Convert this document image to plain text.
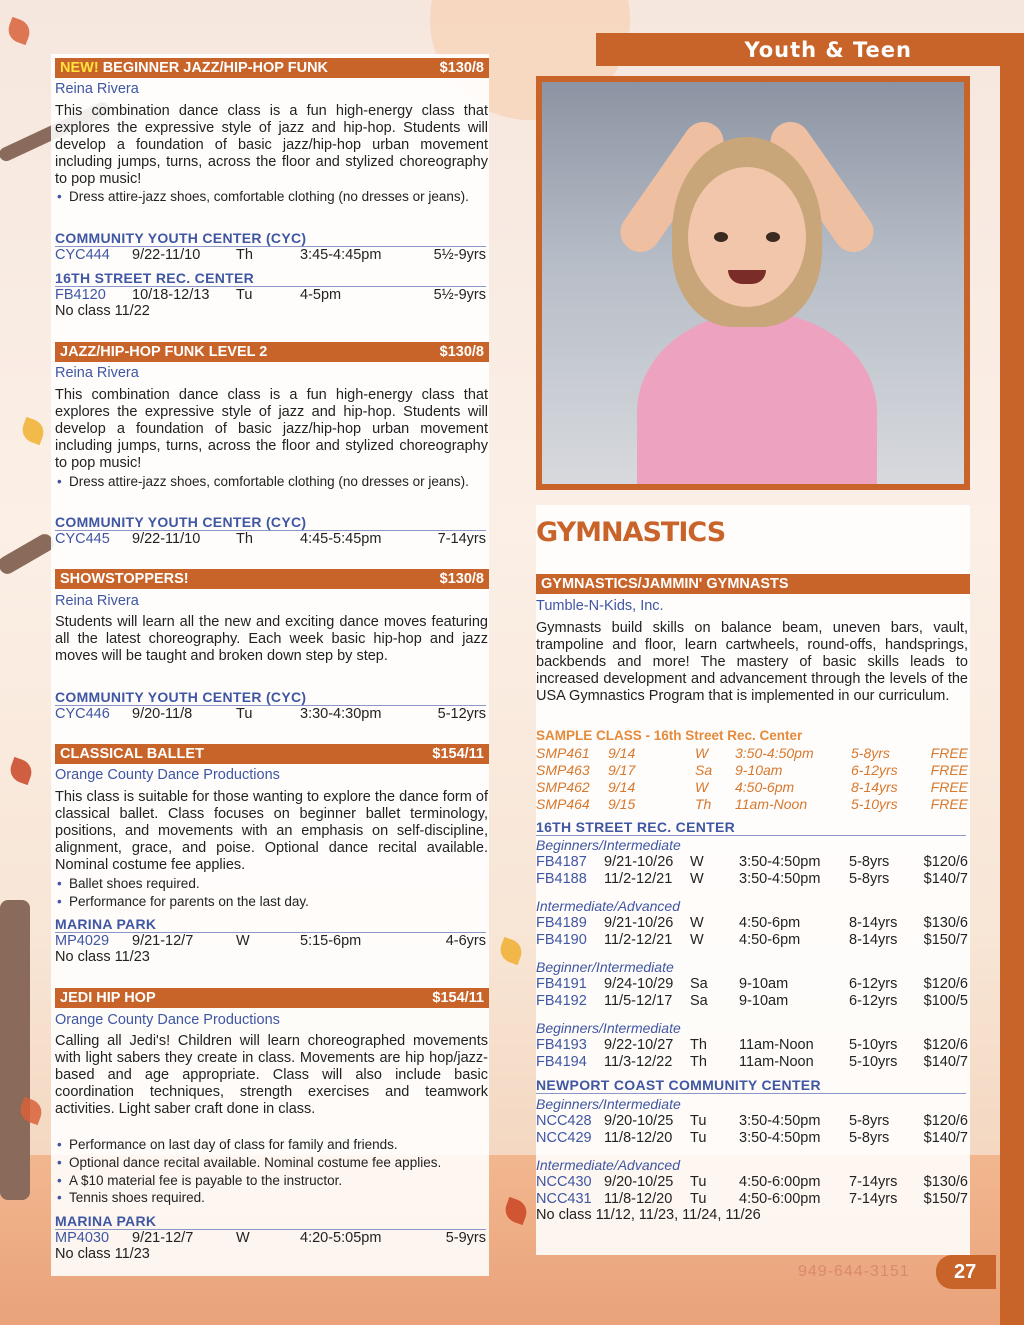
Youth & Teen
NEW! BEGINNER JAZZ/HIP-HOP FUNK	$130/8
Reina Rivera
This combination dance class is a fun high-energy class that explores the expressive style of jazz and hip-hop. Students will develop a foundation of basic jazz/hip-hop urban movement including jumps, turns, across the floor and stylized choreography to pop music!
• Dress attire-jazz shoes, comfortable clothing (no dresses or jeans).
COMMUNITY YOUTH CENTER (CYC)
CYC444 9/22-11/10 Th	3:45-4:45pm	5½-9yrs
16TH STREET REC. CENTER
FB4120 10/18-12/13 Tu	4-5pm	5½-9yrs
No class 11/22
JAZZ/HIP-HOP FUNK LEVEL 2	$130/8
Reina Rivera
This combination dance class is a fun high-energy class that explores the expressive style of jazz and hip-hop. Students will develop a foundation of basic jazz/hip-hop urban movement including jumps, turns, across the floor and stylized choreography to pop music!
• Dress attire-jazz shoes, comfortable clothing (no dresses or jeans).
COMMUNITY YOUTH CENTER (CYC)
CYC445 9/22-11/10 Th	4:45-5:45pm	7-14yrs
SHOWSTOPPERS!	$130/8
Reina Rivera
Students will learn all the new and exciting dance moves featuring all the latest choreography. Each week basic hip-hop and jazz moves will be taught and broken down step by step.
COMMUNITY YOUTH CENTER (CYC)
CYC446 9/20-11/8	Tu	3:30-4:30pm	5-12yrs
CLASSICAL BALLET	$154/11
Orange County Dance Productions
This class is suitable for those wanting to explore the dance form of classical ballet. Class focuses on beginner ballet terminology, positions, and movements with an emphasis on self-discipline, alignment, grace, and poise. Optional dance recital available. Nominal costume fee applies.
• Ballet shoes required.
• Performance for parents on the last day.
MARINA PARK
MP4029 9/21-12/7	W	5:15-6pm	4-6yrs
No class 11/23
JEDI HIP HOP	$154/11
Orange County Dance Productions
Calling all Jedi's! Children will learn choreographed movements with light sabers they create in class. Movements are hip hop/jazz-based and age appropriate. Class will also include basic coordination techniques, strength exercises and teamwork activities. Light saber craft done in class.
• Performance on last day of class for family and friends.
• Optional dance recital available. Nominal costume fee applies.
• A $10 material fee is payable to the instructor.
• Tennis shoes required.
MARINA PARK
MP4030 9/21-12/7	W	4:20-5:05pm	5-9yrs
No class 11/23
GYMNASTICS
GYMNASTICS/JAMMIN' GYMNASTS
Tumble-N-Kids, Inc.
Gymnasts build skills on balance beam, uneven bars, vault, trampoline and floor, learn cartwheels, round-offs, handsprings, backbends and more! The mastery of basic skills leads to increased development and advancement through the levels of the USA Gymnastics Program that is implemented in our curriculum.
SAMPLE CLASS - 16th Street Rec. Center
SMP461 9/14	W 3:50-4:50pm	5-8yrs	FREE
SMP463 9/17	Sa 9-10am	6-12yrs FREE
SMP462 9/14	W 4:50-6pm	8-14yrs FREE
SMP464 9/15	Th 11am-Noon	5-10yrs FREE
16TH STREET REC. CENTER
Beginners/Intermediate
FB4187 9/21-10/26 W 3:50-4:50pm 5-8yrs $120/6
FB4188 11/2-12/21 W 3:50-4:50pm 5-8yrs $140/7
Intermediate/Advanced
FB4189 9/21-10/26 W 4:50-6pm	8-14yrs $130/6
FB4190 11/2-12/21 W 4:50-6pm	8-14yrs $150/7
Beginner/Intermediate
FB4191 9/24-10/29 Sa 9-10am	6-12yrs $120/6
FB4192 11/5-12/17 Sa 9-10am	6-12yrs $100/5
Beginners/Intermediate
FB4193 9/22-10/27 Th 11am-Noon 5-10yrs $120/6
FB4194 11/3-12/22 Th 11am-Noon 5-10yrs $140/7
NEWPORT COAST COMMUNITY CENTER
Beginners/Intermediate
NCC428 9/20-10/25 Tu 3:50-4:50pm 5-8yrs $120/6
NCC429 11/8-12/20 Tu 3:50-4:50pm 5-8yrs $140/7
Intermediate/Advanced
NCC430 9/20-10/25 Tu 4:50-6:00pm 7-14yrs $130/6
NCC431 11/8-12/20 Tu 4:50-6:00pm 7-14yrs $150/7
No class 11/12, 11/23, 11/24, 11/26
949-644-3151	27
